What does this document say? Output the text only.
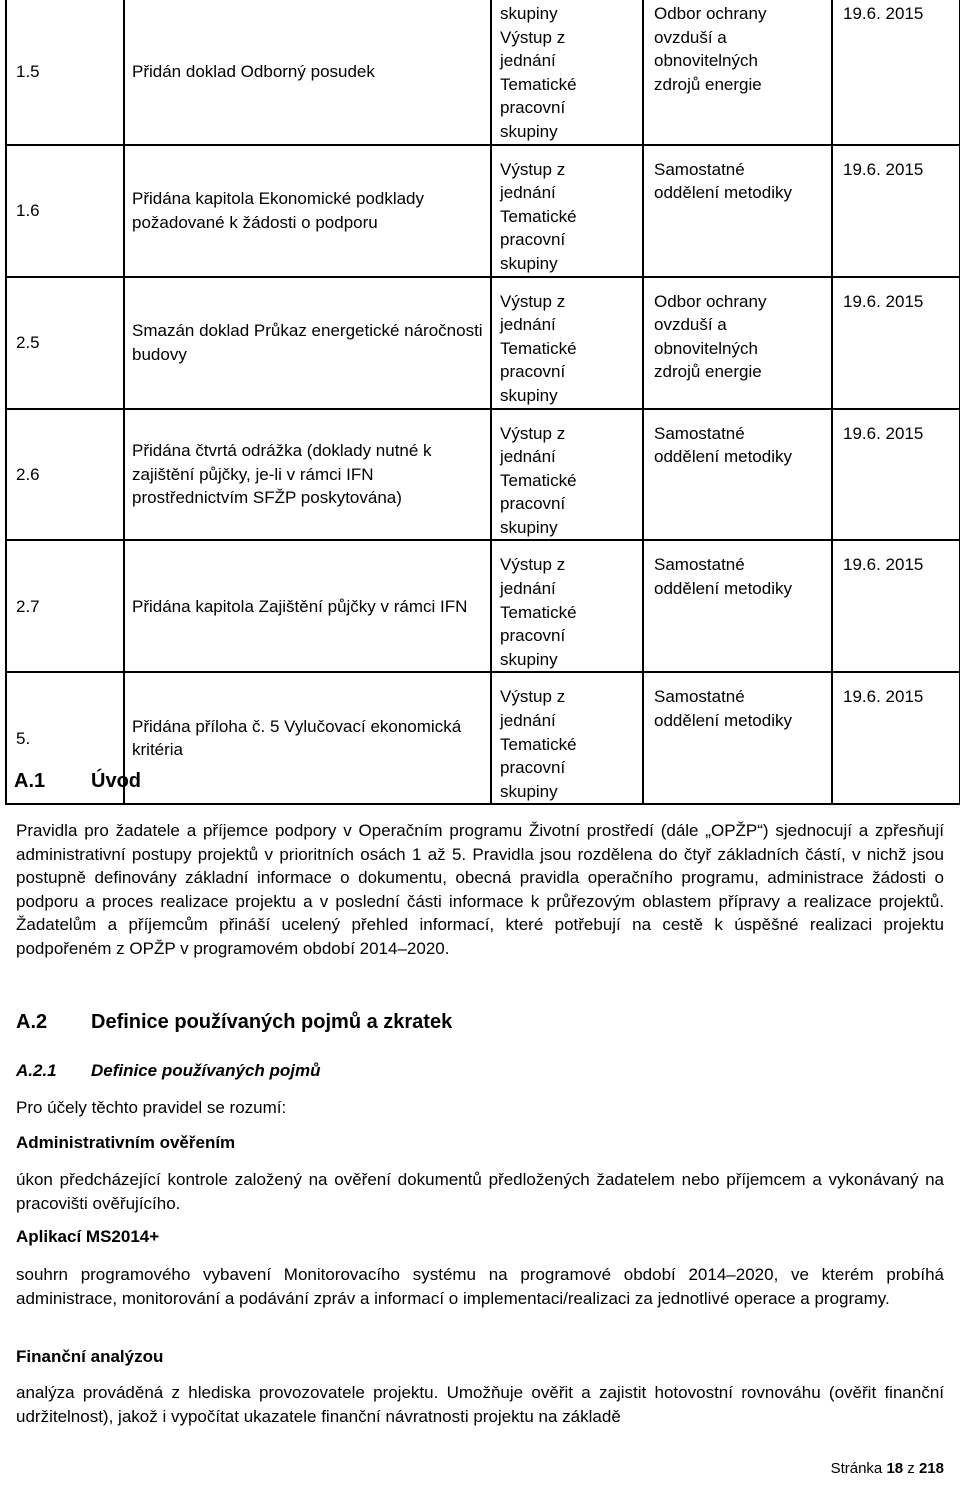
1.5	Přidán doklad Odborný posudek	skupiny Výstup z jednání Tematické pracovní skupiny	Odbor ochrany ovzduší a obnovitelných zdrojů energie	19.6. 2015

1.6	Přidána kapitola Ekonomické podklady požadované k žádosti o podporu	Výstup z jednání Tematické pracovní skupiny	Samostatné oddělení metodiky	19.6. 2015

2.5	Smazán doklad Průkaz energetické náročnosti budovy	Výstup z jednání Tematické pracovní skupiny	Odbor ochrany ovzduší a obnovitelných zdrojů energie	19.6. 2015

2.6	Přidána čtvrtá odrážka (doklady nutné k zajištění půjčky, je-li v rámci IFN prostřednictvím SFŽP poskytována)	Výstup z jednání Tematické pracovní skupiny	Samostatné oddělení metodiky	19.6. 2015

2.7	Přidána kapitola Zajištění půjčky v rámci IFN	Výstup z jednání Tematické pracovní skupiny	Samostatné oddělení metodiky	19.6. 2015

5.	Přidána příloha č. 5 Vylučovací ekonomická kritéria	Výstup z jednání Tematické pracovní skupiny	Samostatné oddělení metodiky	19.6. 2015
A.1 Úvod
Pravidla pro žadatele a příjemce podpory v Operačním programu Životní prostředí (dále „OPŽP“) sjednocují a zpřesňují administrativní postupy projektů v prioritních osách 1 až 5. Pravidla jsou rozdělena do čtyř základních částí, v nichž jsou postupně definovány základní informace o dokumentu, obecná pravidla operačního programu, administrace žádosti o podporu a proces realizace projektu a v poslední části informace k průřezovým oblastem přípravy a realizace projektů. Žadatelům a příjemcům přináší ucelený přehled informací, které potřebují na cestě k úspěšné realizaci projektu podpořeném z OPŽP v programovém období 2014–2020.
A.2 Definice používaných pojmů a zkratek
A.2.1 Definice používaných pojmů
Pro účely těchto pravidel se rozumí:
Administrativním ověřením
úkon předcházející kontrole založený na ověření dokumentů předložených žadatelem nebo příjemcem a vykonávaný na pracovišti ověřujícího.
Aplikací MS2014+
souhrn programového vybavení Monitorovacího systému na programové období 2014–2020, ve kterém probíhá administrace, monitorování a podávání zpráv a informací o implementaci/realizaci za jednotlivé operace a programy.
Finanční analýzou
analýza prováděná z hlediska provozovatele projektu. Umožňuje ověřit a zajistit hotovostní rovnováhu (ověřit finanční udržitelnost), jakož i vypočítat ukazatele finanční návratnosti projektu na základě
Stránka 18 z 218
